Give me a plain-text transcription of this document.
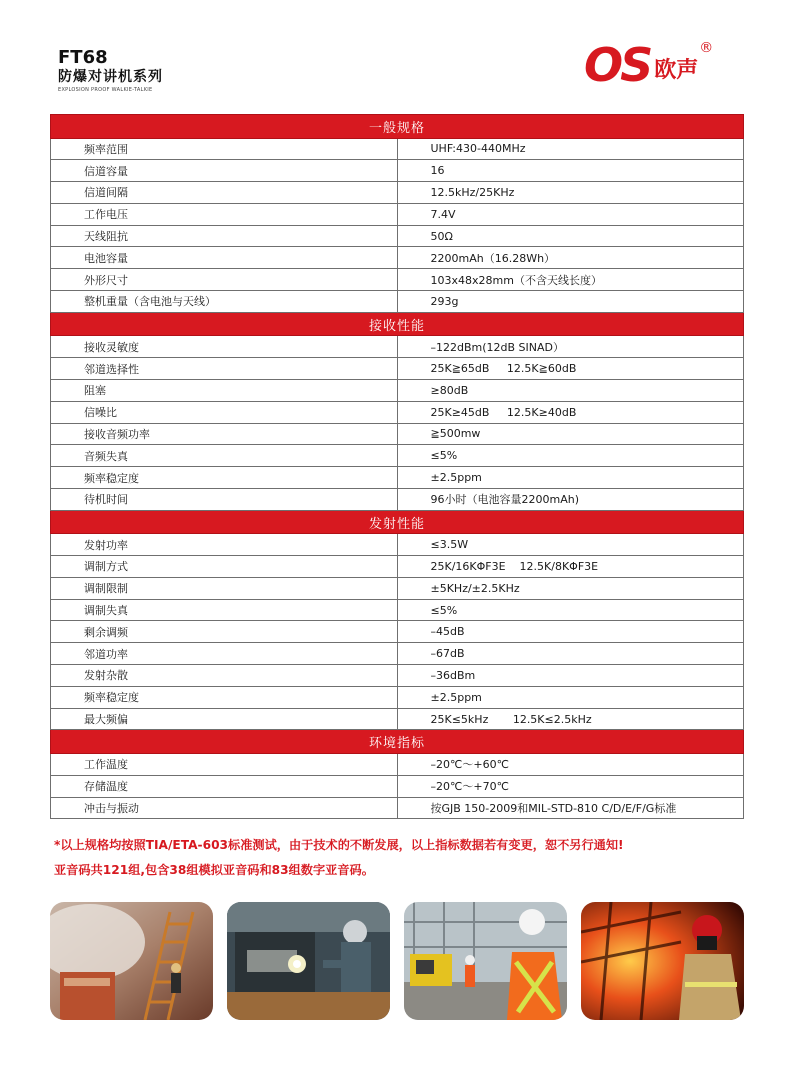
FT68
防爆对讲机系列
EXPLOSION PROOF WALKIE-TALKIE	OS 欧声
®
一般规格	
频率范围	UHF:430-440MHz
信道容量	16
信道间隔	12.5kHz/25KHz
工作电压	7.4V
天线阻抗	50Ω
电池容量	2200mAh（16.28Wh）
外形尺寸	103x48x28mm（不含天线长度）
整机重量（含电池与天线）	293g
接收性能	
接收灵敏度	–122dBm(12dB SINAD）
邻道选择性	25K≧65dB     12.5K≧60dB
阻塞	≥80dB
信噪比	25K≥45dB     12.5K≥40dB
接收音频功率	≧500mw
音频失真	≤5%
频率稳定度	±2.5ppm
待机时间	96小时（电池容量2200mAh)
发射性能	
发射功率	≤3.5W
调制方式	25K/16KΦF3E    12.5K/8KΦF3E
调制限制	±5KHz/±2.5KHz
调制失真	≤5%
剩余调频	–45dB
邻道功率	–67dB
发射杂散	–36dBm
频率稳定度	±2.5ppm
最大频偏	25K≤5kHz       12.5K≤2.5kHz
环境指标	
工作温度	–20℃～+60℃
存储温度	–20℃～+70℃
冲击与振动	按GJB 150-2009和MIL-STD-810 C/D/E/F/G标准
*以上规格均按照TIA/ETA-603标准测试，由于技术的不断发展，以上指标数据若有变更，恕不另行通知!
亚音码共121组,包含38组模拟亚音码和83组数字亚音码。
